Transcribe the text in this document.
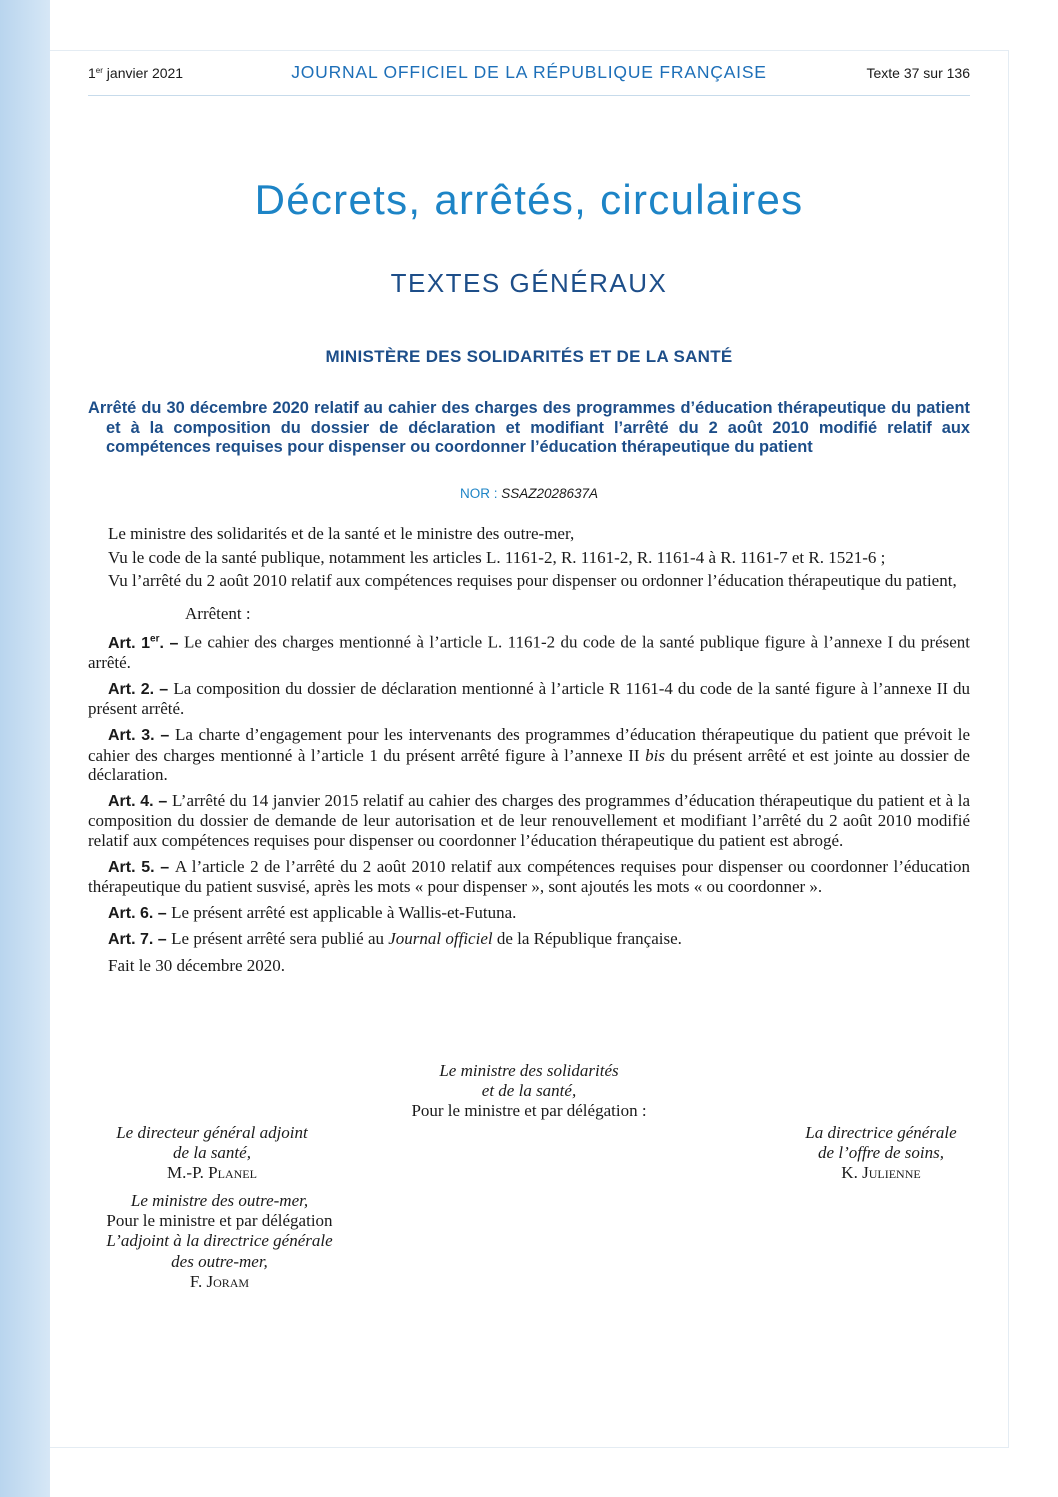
1er janvier 2021	JOURNAL OFFICIEL DE LA RÉPUBLIQUE FRANÇAISE	Texte 37 sur 136
Décrets, arrêtés, circulaires
TEXTES GÉNÉRAUX
MINISTÈRE DES SOLIDARITÉS ET DE LA SANTÉ

Arrêté du 30 décembre 2020 relatif au cahier des charges des programmes d’éducation thérapeutique du patient et à la composition du dossier de déclaration et modifiant l’arrêté du 2 août 2010 modifié relatif aux compétences requises pour dispenser ou coordonner l’éducation thérapeutique du patient

NOR : SSAZ2028637A

Le ministre des solidarités et de la santé et le ministre des outre-mer,

Vu le code de la santé publique, notamment les articles L. 1161-2, R. 1161-2, R. 1161-4 à R. 1161-7 et R. 1521-6 ;

Vu l’arrêté du 2 août 2010 relatif aux compétences requises pour dispenser ou ordonner l’éducation thérapeutique du patient,

Arrêtent :

Art. 1er. – Le cahier des charges mentionné à l’article L. 1161-2 du code de la santé publique figure à l’annexe I du présent arrêté.

Art. 2. – La composition du dossier de déclaration mentionné à l’article R 1161-4 du code de la santé figure à l’annexe II du présent arrêté.

Art. 3. – La charte d’engagement pour les intervenants des programmes d’éducation thérapeutique du patient que prévoit le cahier des charges mentionné à l’article 1 du présent arrêté figure à l’annexe II bis du présent arrêté et est jointe au dossier de déclaration.

Art. 4. – L’arrêté du 14 janvier 2015 relatif au cahier des charges des programmes d’éducation thérapeutique du patient et à la composition du dossier de demande de leur autorisation et de leur renouvellement et modifiant l’arrêté du 2 août 2010 modifié relatif aux compétences requises pour dispenser ou coordonner l’éducation thérapeutique du patient est abrogé.

Art. 5. – A l’article 2 de l’arrêté du 2 août 2010 relatif aux compétences requises pour dispenser ou coordonner l’éducation thérapeutique du patient susvisé, après les mots « pour dispenser », sont ajoutés les mots « ou coordonner ».

Art. 6. – Le présent arrêté est applicable à Wallis-et-Futuna.

Art. 7. – Le présent arrêté sera publié au Journal officiel de la République française.

Fait le 30 décembre 2020.

Le ministre des solidarités
et de la santé,
Pour le ministre et par délégation :
Le directeur général adjoint
de la santé,
M.-P. Planel
La directrice générale
de l’offre de soins,
K. Julienne
Le ministre des outre-mer,
Pour le ministre et par délégation
L’adjoint à la directrice générale
des outre-mer,
F. Joram
